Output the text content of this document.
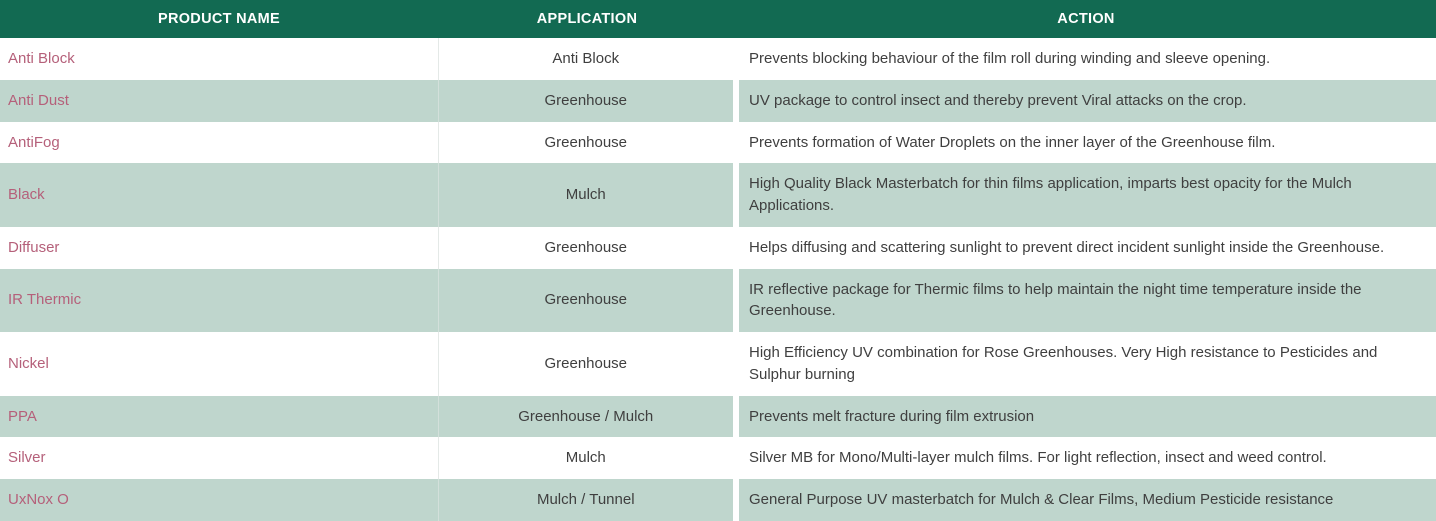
PRODUCT NAME	APPLICATION	ACTION
Anti Block	Anti Block	Prevents blocking behaviour of the film roll during winding and sleeve opening.
Anti Dust	Greenhouse	UV package to control insect and thereby prevent Viral attacks on the crop.
AntiFog	Greenhouse	Prevents formation of Water Droplets on the inner layer of the Greenhouse film.
Black	Mulch	High Quality Black Masterbatch for thin films application, imparts best opacity for the Mulch Applications.
Diffuser	Greenhouse	Helps diffusing and scattering sunlight to prevent direct incident sunlight inside the Greenhouse.
IR Thermic	Greenhouse	IR reflective package for Thermic films to help maintain the night time temperature inside the Greenhouse.
Nickel	Greenhouse	High Efficiency UV combination for Rose Greenhouses. Very High resistance to Pesticides and Sulphur burning
PPA	Greenhouse / Mulch	Prevents melt fracture during film extrusion
Silver	Mulch	Silver MB for Mono/Multi-layer mulch films. For light reflection, insect and weed control.
UxNox O	Mulch / Tunnel	General Purpose UV masterbatch for Mulch & Clear Films, Medium Pesticide resistance
